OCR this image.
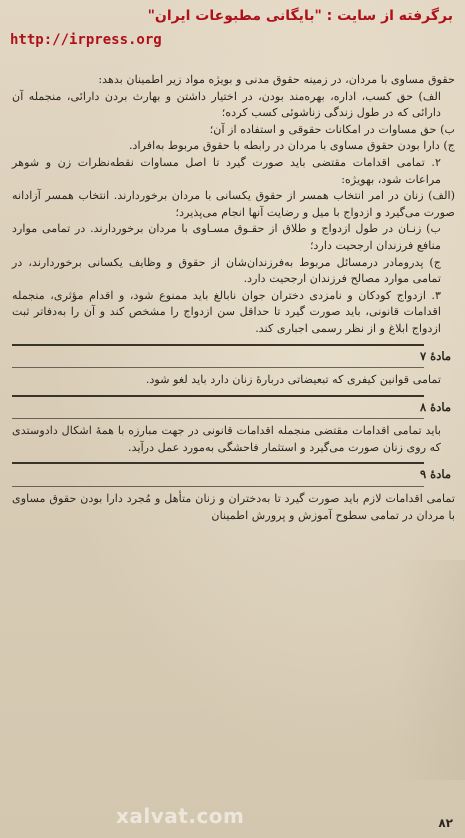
برگرفته از سایت : "بایگانی مطبوعات ایران"
http://irpress.org

حقوق مساوی با مردان، در زمینه حقوق مدنی و بویژه مواد زیر اطمینان بدهد:

الف) حق کسب، اداره، بهره‌مند بودن، در اختیار داشتن و بهارث بردن دارائی، منجمله آن دارائی که در طول زندگی زناشوئی کسب کرده؛

ب) حق مساوات در امکانات حقوقی و استفاده از آن؛

ج) دارا بودن حقوق مساوی با مردان در رابطه با حقوق مربوط به‌افراد.

۲. تمامی اقدامات مقتضی باید صورت گیرد تا اصل مساوات نقطه‌نظرات زن و شوهر مراعات شود، بهویژه:

(الف) زنان در امر انتخاب همسر از حقوق یکسانی با مردان برخوردارند. انتخاب همسر آزادانه صورت می‌گیرد و ازدواج با میل و رضایت آنها انجام می‌پذیرد؛

ب) زنـان در طول ازدواج و طلاق از حقـوق مسـاوی با مردان برخوردارند. در تمامی موارد منافع فرزندان ارجحیت دارد؛

ج) پدرومادر درمسائل مربوط به‌فرزندان‌شان از حقوق و وظایف یکسانی برخوردارند، در تمامی موارد مصالح فرزندان ارجحیت دارد.

۳. ازدواج کودکان و نامزدی دختران جوان نابالغ باید ممنوع شود، و اقدام مؤثری، منجمله اقدامات قانونی، باید صورت گیرد تا حداقل سن ازدواج را مشخص کند و آن را به‌دفاتر ثبت ازدواج ابلاغ و از نظر رسمی اجباری کند.

مادهٔ ۷

تمامی قوانین کیفری که تبعیضاتی دربارهٔ زنان دارد باید لغو شود.

مادهٔ ۸

باید تمامی اقدامات مقتضی منجمله اقدامات قانونی در جهت مبارزه با همهٔ اشکال دادوستدی که روی زنان صورت می‌گیرد و استثمار فاحشگی به‌مورد عمل درآید.

مادهٔ ۹

تمامی اقدامات لازم باید صورت گیرد تا به‌دختران و زنان متأهل و مُجرد دارا بودن حقوق مساوی با مردان در تمامی سطوح آموزش و پرورش اطمینان

xalvat.com	۸۲
